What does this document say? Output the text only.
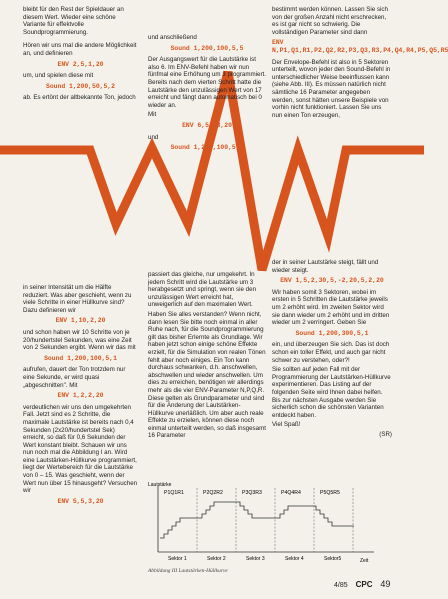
bleibt für den Rest der Spieldauer an diesem Wert. Wieder eine schöne Variante für effektvolle Soundprogrammierung.

Hören wir uns mal die andere Möglichkeit an, und definieren

ENV 2,5,1,20

um, und spielen diese mit

Sound 1,200,50,5,2

ab. Es ertönt der altbekannte Ton, jedoch

und anschließend

Sound 1,200,100,5,5

Der Ausgangswert für die Lautstärke ist also 6. Im ENV-Befehl haben wir nun fünfmal eine Erhöhung um 3 programmiert. Bereits nach dem vierten Schritt hatte die Lautstärke den unzulässigen Wert von 17 erreicht und fängt dann automatisch bei 0 wieder an.

Mit

ENV 6,5,-3,20

und

Sound 1,200,100,5,6

bestimmt werden können. Lassen Sie sich von der großen Anzahl nicht erschrecken, es ist gar nicht so schwierig. Die vollständigen Parameter sind dann

ENV N,P1,Q1,R1,P2,Q2,R2,P3,Q3,R3,P4,Q4,R4,P5,Q5,R5

Der Envelope-Befehl ist also in 5 Sektoren unterteilt, wovon jeder den Sound-Befehl in unterschiedlicher Weise beeinflussen kann (siehe Abb. III). Es müssen natürlich nicht sämtliche 16 Parameter angegeben werden, sonst hätten unsere Beispiele von vorhin nicht funktioniert. Lassen Sie uns nun einen Ton erzeugen,

in seiner Intensität um die Hälfte reduziert. Was aber geschieht, wenn zu viele Schritte in einer Hüllkurve sind? Dazu definieren wir

ENV 1,10,2,20

und schon haben wir 10 Schritte von je 20/hundertstel Sekunden, was eine Zeit von 2 Sekunden ergibt. Wenn wir das mit

Sound 1,200,100,5,1

aufrufen, dauert der Ton trotzdem nur eine Sekunde, er wird quasi „abgeschnitten". Mit

ENV 1,2,2,20

verdeutlichen wir uns den umgekehrten Fall. Jetzt sind es 2 Schritte, die maximale Lautstärke ist bereits nach 0,4 Sekunden (2x20/hundertstel Sek) erreicht, so daß für 0,6 Sekunden der Wert konstant bleibt. Schauen wir uns nun noch mal die Abbildung I an. Wird eine Lautstärken-Hüllkurve programmiert, liegt der Wertebereich für die Lautstärke von 0 – 15. Was geschieht, wenn der Wert nun über 15 hinausgeht? Versuchen wir

ENV 5,5,3,20

passiert das gleiche, nur umgekehrt. In jedem Schritt wird die Lautstärke um 3 herabgesetzt und springt, wenn sie den unzulässigen Wert erreicht hat, unweigerlich auf den maximalen Wert.

Haben Sie alles verstanden? Wenn nicht, dann lesen Sie bitte noch einmal in aller Ruhe nach, für die Soundprogrammierung gilt das bisher Erlernte als Grundlage. Wir haben jetzt schon einige schöne Effekte erzielt, für die Simulation von realen Tönen fehlt aber noch einiges. Ein Ton kann durchaus schwanken, d.h. anschwellen, abschwellen und wieder anschwellen. Um dies zu erreichen, benötigen wir allerdings mehr als die vier ENV-Parameter N,P,Q,R. Diese gelten als Grundparameter und sind für die Änderung der Lautstärken-Hüllkurve unerläßlich. Um aber auch reale Effekte zu erzielen, können diese noch einmal unterteilt werden, so daß insgesamt 16 Parameter

der in seiner Lautstärke steigt, fällt und wieder steigt.

ENV 1,5,2,30,5,-2,20,5,2,20

Wir haben somit 3 Sektoren, wobei im ersten in 5 Schritten die Lautstärke jeweils um 2 erhöht wird. Im zweiten Sektor wird sie dann wieder um 2 erhöht und im dritten wieder um 2 verringert. Geben Sie

Sound 1,200,300,5,1

ein, und überzeugen Sie sich. Das ist doch schon ein toller Effekt, und auch gar nicht schwer zu verstehen, oder?!

Sie sollten auf jeden Fall mit der Programmierung der Lautstärken-Hüllkurve experimentieren. Das Listing auf der folgenden Seite wird Ihnen dabei helfen. Bis zur nächsten Ausgabe werden Sie sicherlich schon die schönsten Varianten entdeckt haben.

Viel Spaß!

(SR)

Lautstärke
Zeit
P1Q1R1	P2Q2R2	P3Q3R3	P4Q4R4	P5Q5R5
Sektor 1	Sektor 2	Sektor 3	Sektor 4	Sektor5
Abbildung III Lautstärken-Hüllkurve
4/85 CPC 49
